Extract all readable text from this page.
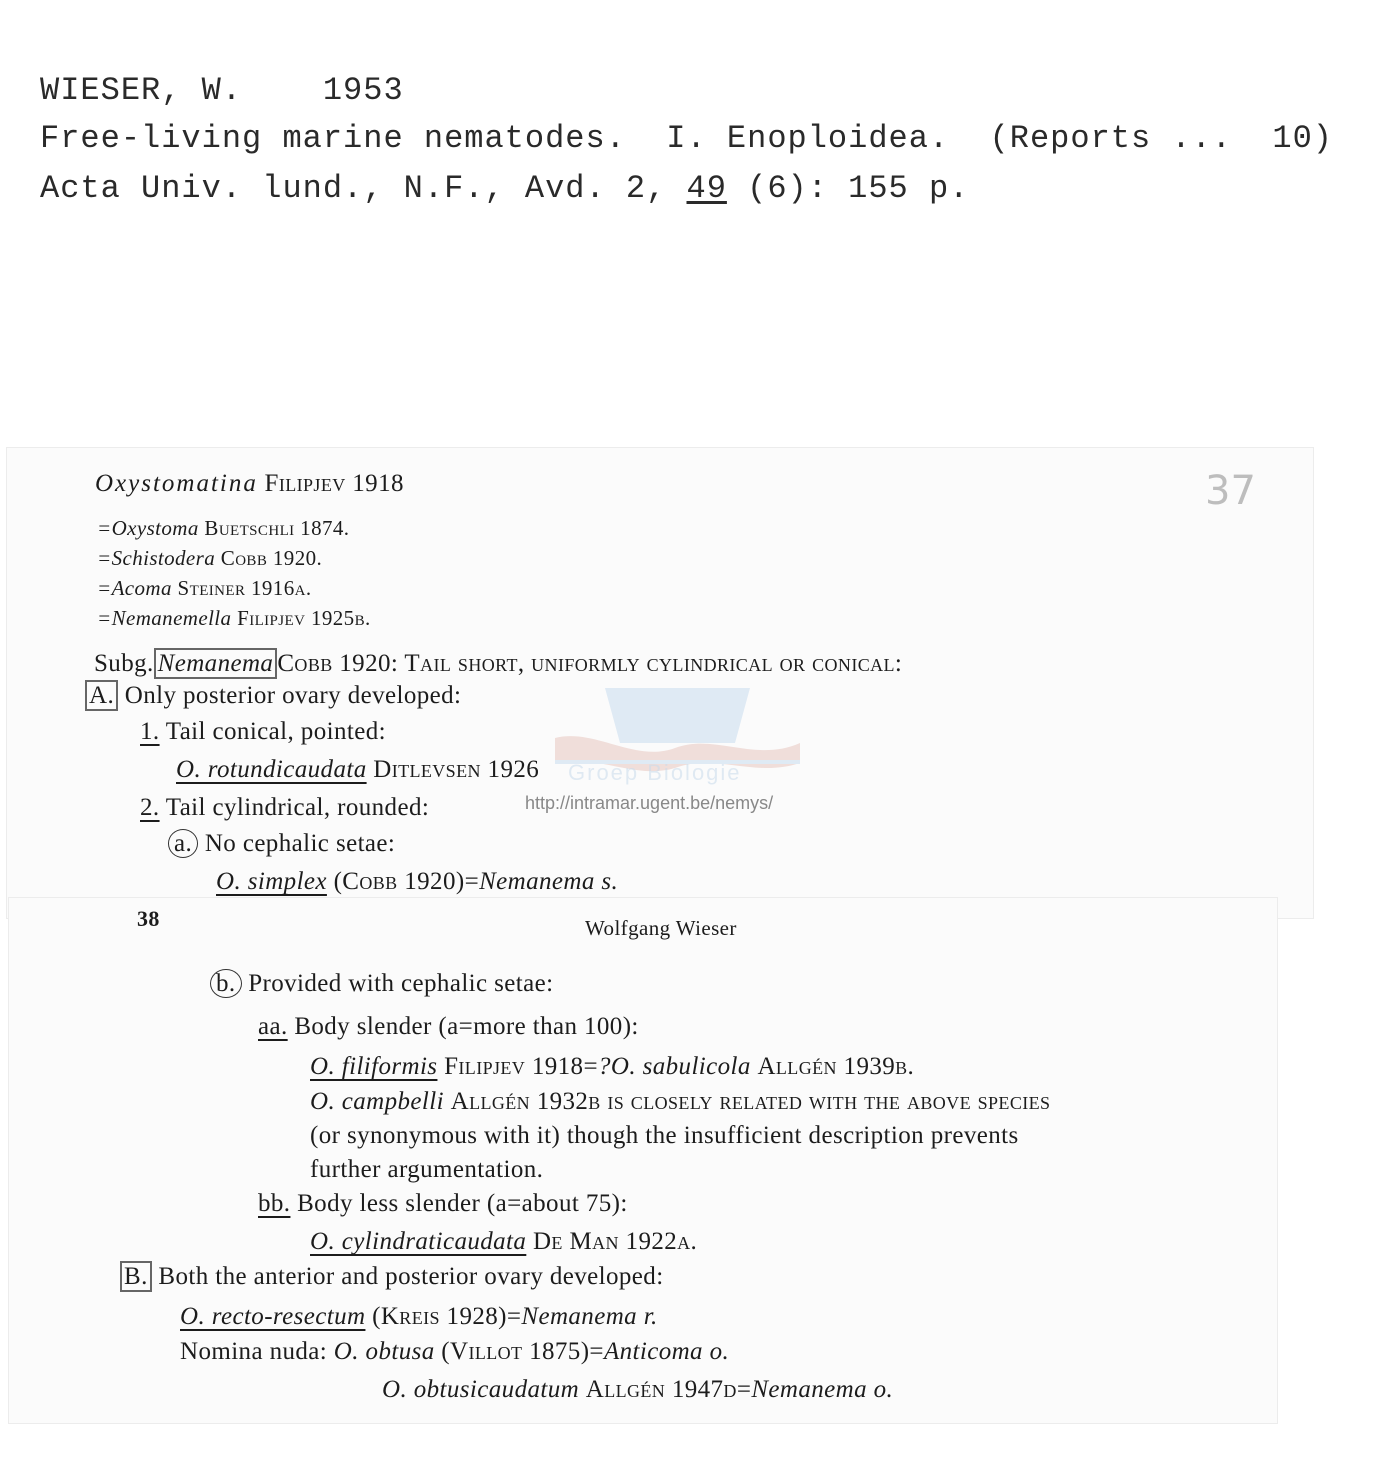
WIESER, W.    1953
Free-living marine nematodes.  I. Enoploidea.  (Reports ...  10)
Acta Univ. lund., N.F., Avd. 2, 49 (6): 155 p.
37
Oxystomatina Filipjev 1918
=Oxystoma Buetschli 1874.
=Schistodera Cobb 1920.
=Acoma Steiner 1916a.
=Nemanemella Filipjev 1925b.
Subg. Nemanema Cobb 1920: Tail short, uniformly cylindrical or conical:
A. Only posterior ovary developed:
1. Tail conical, pointed:
O. rotundicaudata Ditlevsen 1926
2. Tail cylindrical, rounded:
a. No cephalic setae:
O. simplex (Cobb 1920)=Nemanema s.
Groep Biologie
http://intramar.ugent.be/nemys/
38	Wolfgang Wieser
b. Provided with cephalic setae:
aa. Body slender (a=more than 100):
O. filiformis Filipjev 1918=?O. sabulicola Allgén 1939b.
O. campbelli Allgén 1932b is closely related with the above species
(or synonymous with it) though the insufficient description prevents
further argumentation.
bb. Body less slender (a=about 75):
O. cylindraticaudata De Man 1922a.
B. Both the anterior and posterior ovary developed:
O. recto-resectum (Kreis 1928)=Nemanema r.
Nomina nuda: O. obtusa (Villot 1875)=Anticoma o.
O. obtusicaudatum Allgén 1947d=Nemanema o.
